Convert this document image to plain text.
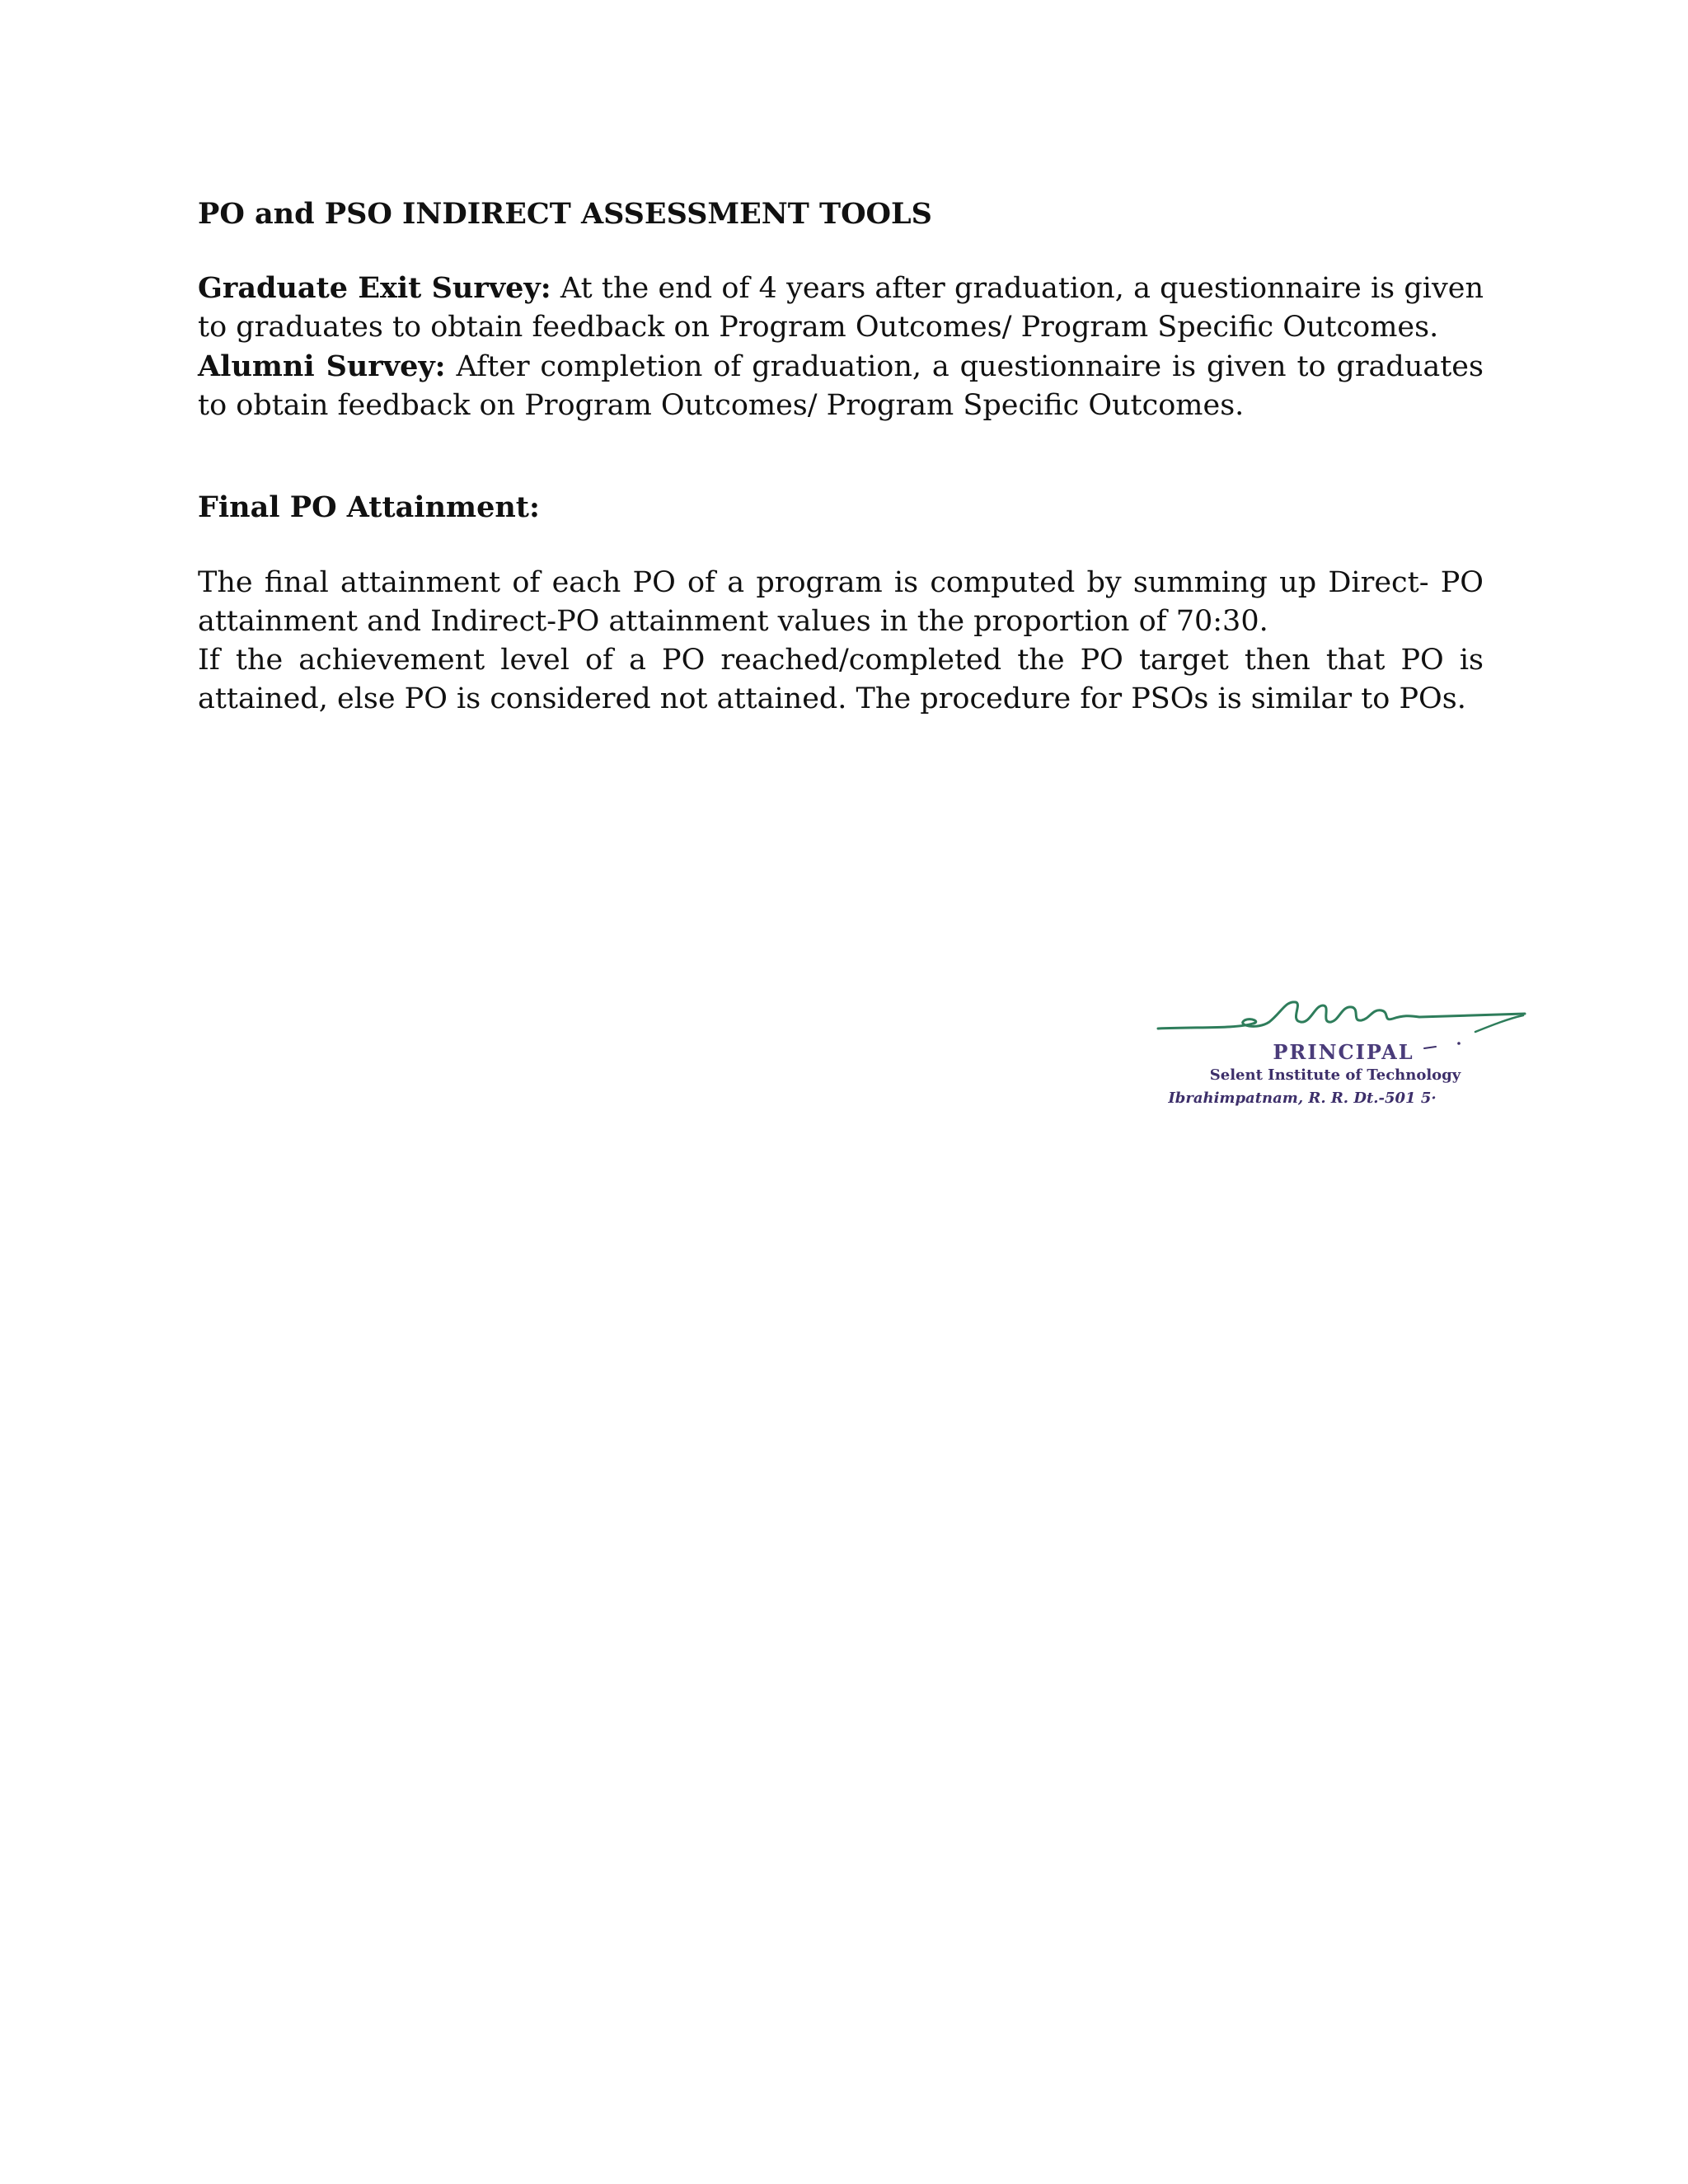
PO and PSO INDIRECT ASSESSMENT TOOLS

Graduate Exit Survey: At the end of 4 years after graduation, a questionnaire is given to graduates to obtain feedback on Program Outcomes/ Program Specific Outcomes.

Alumni Survey: After completion of graduation, a questionnaire is given to graduates to obtain feedback on Program Outcomes/ Program Specific Outcomes.

Final PO Attainment:

The final attainment of each PO of a program is computed by summing up Direct- PO attainment and Indirect-PO attainment values in the proportion of 70:30.

If the achievement level of a PO reached/completed the PO target then that PO is attained, else PO is considered not attained. The procedure for PSOs is similar to POs.

PRINCIPAL
Selent Institute of Technology
Ibrahimpatnam, R. R. Dt.-501 5·
